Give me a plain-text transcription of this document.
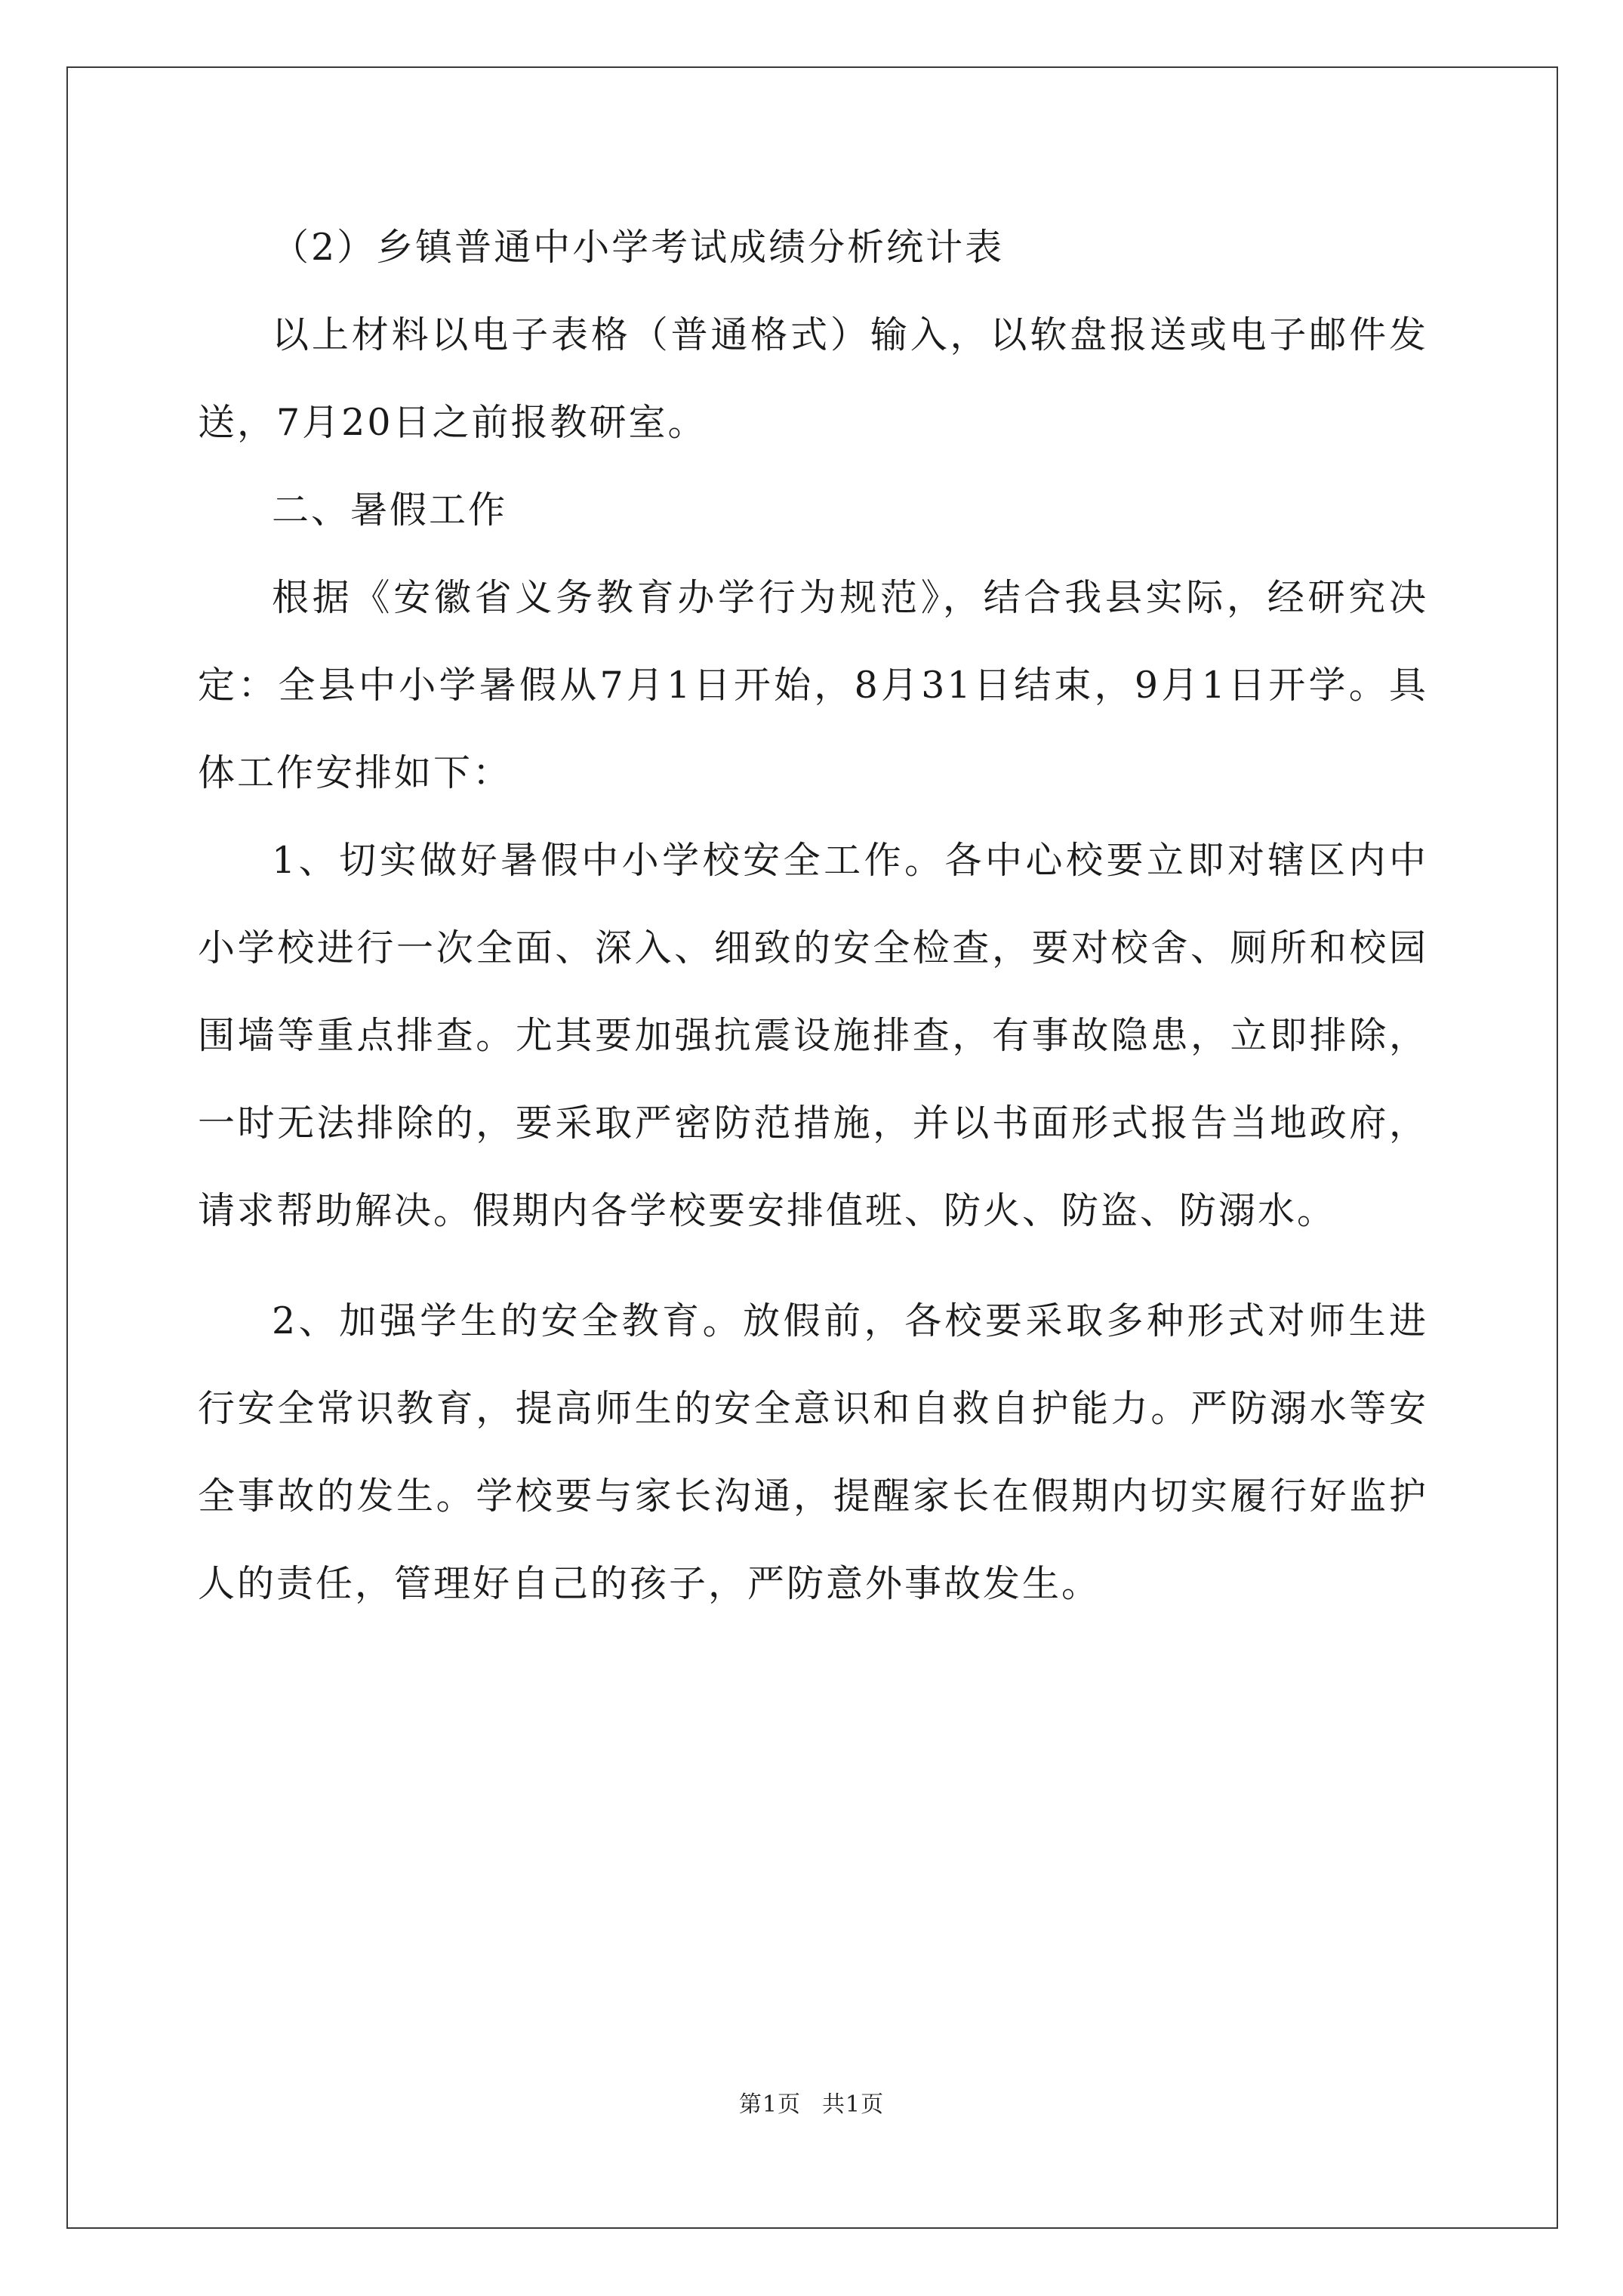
（2）乡镇普通中小学考试成绩分析统计表

以上材料以电子表格（普通格式）输入，以软盘报送或电子邮件发送，7月20日之前报教研室。

二、暑假工作

根据《安徽省义务教育办学行为规范》，结合我县实际，经研究决定：全县中小学暑假从7月1日开始，8月31日结束，9月1日开学。具体工作安排如下：

1、切实做好暑假中小学校安全工作。各中心校要立即对辖区内中小学校进行一次全面、深入、细致的安全检查，要对校舍、厕所和校园围墙等重点排查。尤其要加强抗震设施排查，有事故隐患，立即排除，一时无法排除的，要采取严密防范措施，并以书面形式报告当地政府，请求帮助解决。假期内各学校要安排值班、防火、防盗、防溺水。

2、加强学生的安全教育。放假前，各校要采取多种形式对师生进行安全常识教育，提高师生的安全意识和自救自护能力。严防溺水等安全事故的发生。学校要与家长沟通，提醒家长在假期内切实履行好监护人的责任，管理好自己的孩子，严防意外事故发生。

第1页 共1页
